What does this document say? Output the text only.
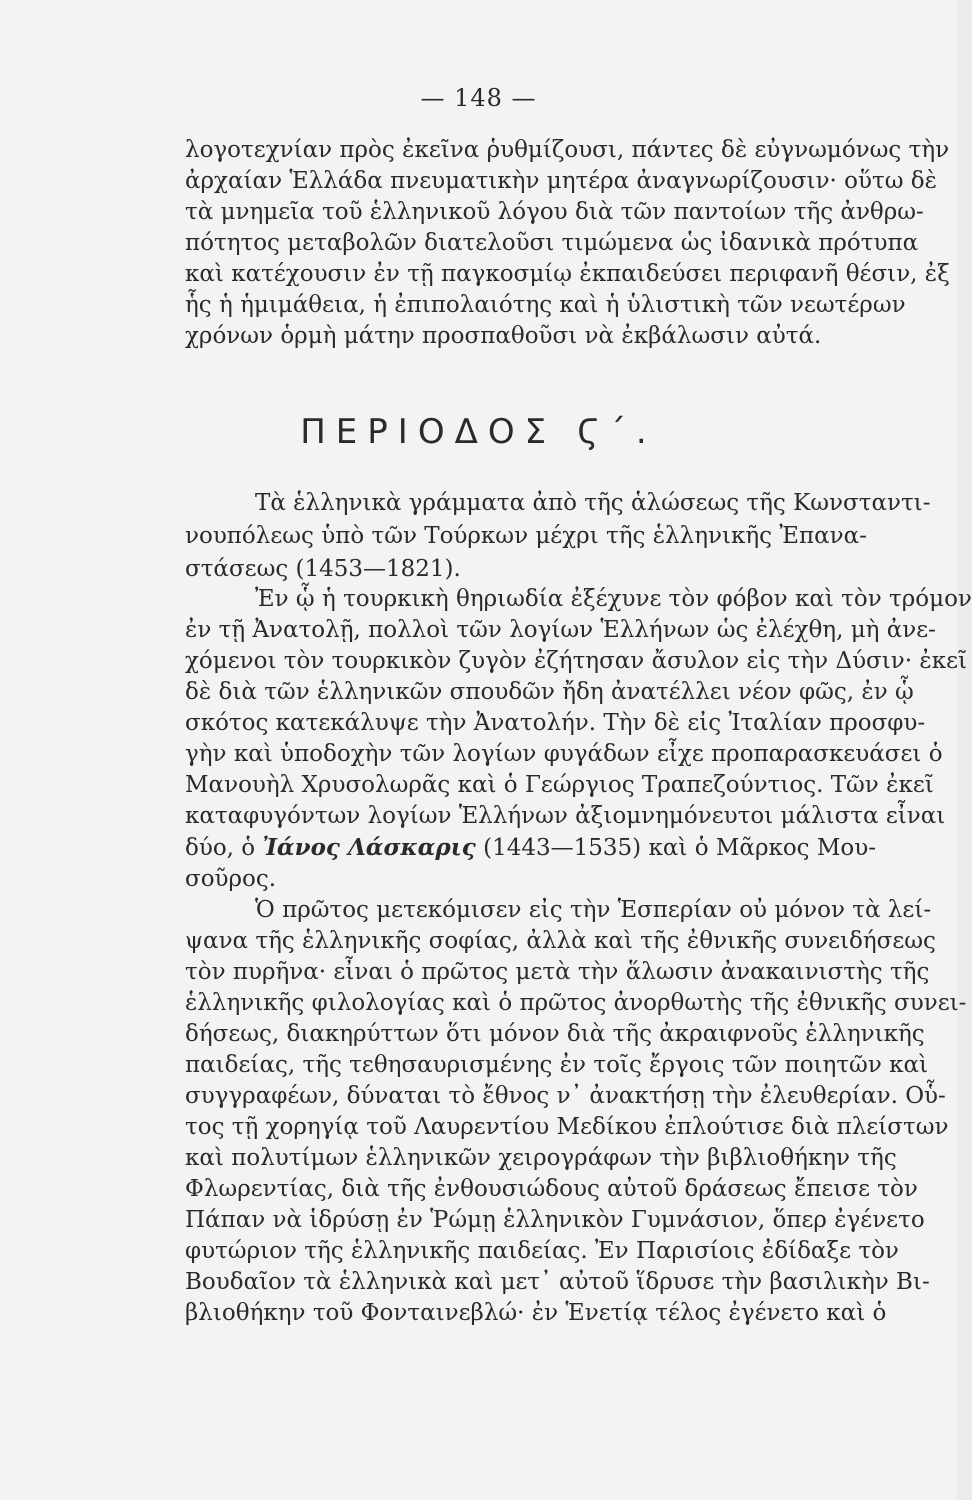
— 148 —
λογοτεχνίαν πρὸς ἐκεῖνα ῥυθμίζουσι, πάντες δὲ εὐγνωμόνως τὴν
ἀρχαίαν Ἑλλάδα πνευματικὴν μητέρα ἀναγνωρίζουσιν· οὕτω δὲ
τὰ μνημεῖα τοῦ ἑλληνικοῦ λόγου διὰ τῶν παντοίων τῆς ἀνθρω-
πότητος μεταβολῶν διατελοῦσι τιμώμενα ὡς ἰδανικὰ πρότυπα
καὶ κατέχουσιν ἐν τῇ παγκοσμίῳ ἐκπαιδεύσει περιφανῆ θέσιν, ἐξ
ἧς ἡ ἡμιμάθεια, ἡ ἐπιπολαιότης καὶ ἡ ὑλιστικὴ τῶν νεωτέρων
χρόνων ὁρμὴ μάτην προσπαθοῦσι νὰ ἐκβάλωσιν αὐτά.
ΠΕΡΙΟΔΟΣ Ϛ΄.
Τὰ ἑλληνικὰ γράμματα ἀπὸ τῆς ἁλώσεως τῆς Κωνσταντι-
νουπόλεως ὑπὸ τῶν Τούρκων μέχρι τῆς ἑλληνικῆς Ἐπανα-
στάσεως (1453—1821).
Ἐν ᾧ ἡ τουρκικὴ θηριωδία ἐξέχυνε τὸν φόβον καὶ τὸν τρόμον
ἐν τῇ Ἀνατολῇ, πολλοὶ τῶν λογίων Ἑλλήνων ὡς ἐλέχθη, μὴ ἀνε-
χόμενοι τὸν τουρκικὸν ζυγὸν ἐζήτησαν ἄσυλον εἰς τὴν Δύσιν· ἐκεῖ
δὲ διὰ τῶν ἑλληνικῶν σπουδῶν ἤδη ἀνατέλλει νέον φῶς, ἐν ᾧ
σκότος κατεκάλυψε τὴν Ἀνατολήν. Τὴν δὲ εἰς Ἰταλίαν προσφυ-
γὴν καὶ ὑποδοχὴν τῶν λογίων φυγάδων εἶχε προπαρασκευάσει ὁ
Μανουὴλ Χρυσολωρᾶς καὶ ὁ Γεώργιος Τραπεζούντιος. Τῶν ἐκεῖ
καταφυγόντων λογίων Ἑλλήνων ἀξιομνημόνευτοι μάλιστα εἶναι
δύο, ὁ Ἰάνος Λάσκαρις (1443—1535) καὶ ὁ Μᾶρκος Μου-
σοῦρος.
Ὁ πρῶτος μετεκόμισεν εἰς τὴν Ἑσπερίαν οὐ μόνον τὰ λεί-
ψανα τῆς ἑλληνικῆς σοφίας, ἀλλὰ καὶ τῆς ἐθνικῆς συνειδήσεως
τὸν πυρῆνα· εἶναι ὁ πρῶτος μετὰ τὴν ἅλωσιν ἀνακαινιστὴς τῆς
ἑλληνικῆς φιλολογίας καὶ ὁ πρῶτος ἀνορθωτὴς τῆς ἐθνικῆς συνει-
δήσεως, διακηρύττων ὅτι μόνον διὰ τῆς ἀκραιφνοῦς ἑλληνικῆς
παιδείας, τῆς τεθησαυρισμένης ἐν τοῖς ἔργοις τῶν ποιητῶν καὶ
συγγραφέων, δύναται τὸ ἔθνος ν᾿ ἀνακτήσῃ τὴν ἐλευθερίαν. Οὗ-
τος τῇ χορηγίᾳ τοῦ Λαυρεντίου Μεδίκου ἐπλούτισε διὰ πλείστων
καὶ πολυτίμων ἑλληνικῶν χειρογράφων τὴν βιβλιοθήκην τῆς
Φλωρεντίας, διὰ τῆς ἐνθουσιώδους αὐτοῦ δράσεως ἔπεισε τὸν
Πάπαν νὰ ἱδρύσῃ ἐν Ῥώμῃ ἑλληνικὸν Γυμνάσιον, ὅπερ ἐγένετο
φυτώριον τῆς ἑλληνικῆς παιδείας. Ἐν Παρισίοις ἐδίδαξε τὸν
Βουδαῖον τὰ ἑλληνικὰ καὶ μετ᾿ αὐτοῦ ἵδρυσε τὴν βασιλικὴν Βι-
βλιοθήκην τοῦ Φονταινεβλώ· ἐν Ἑνετίᾳ τέλος ἐγένετο καὶ ὁ
